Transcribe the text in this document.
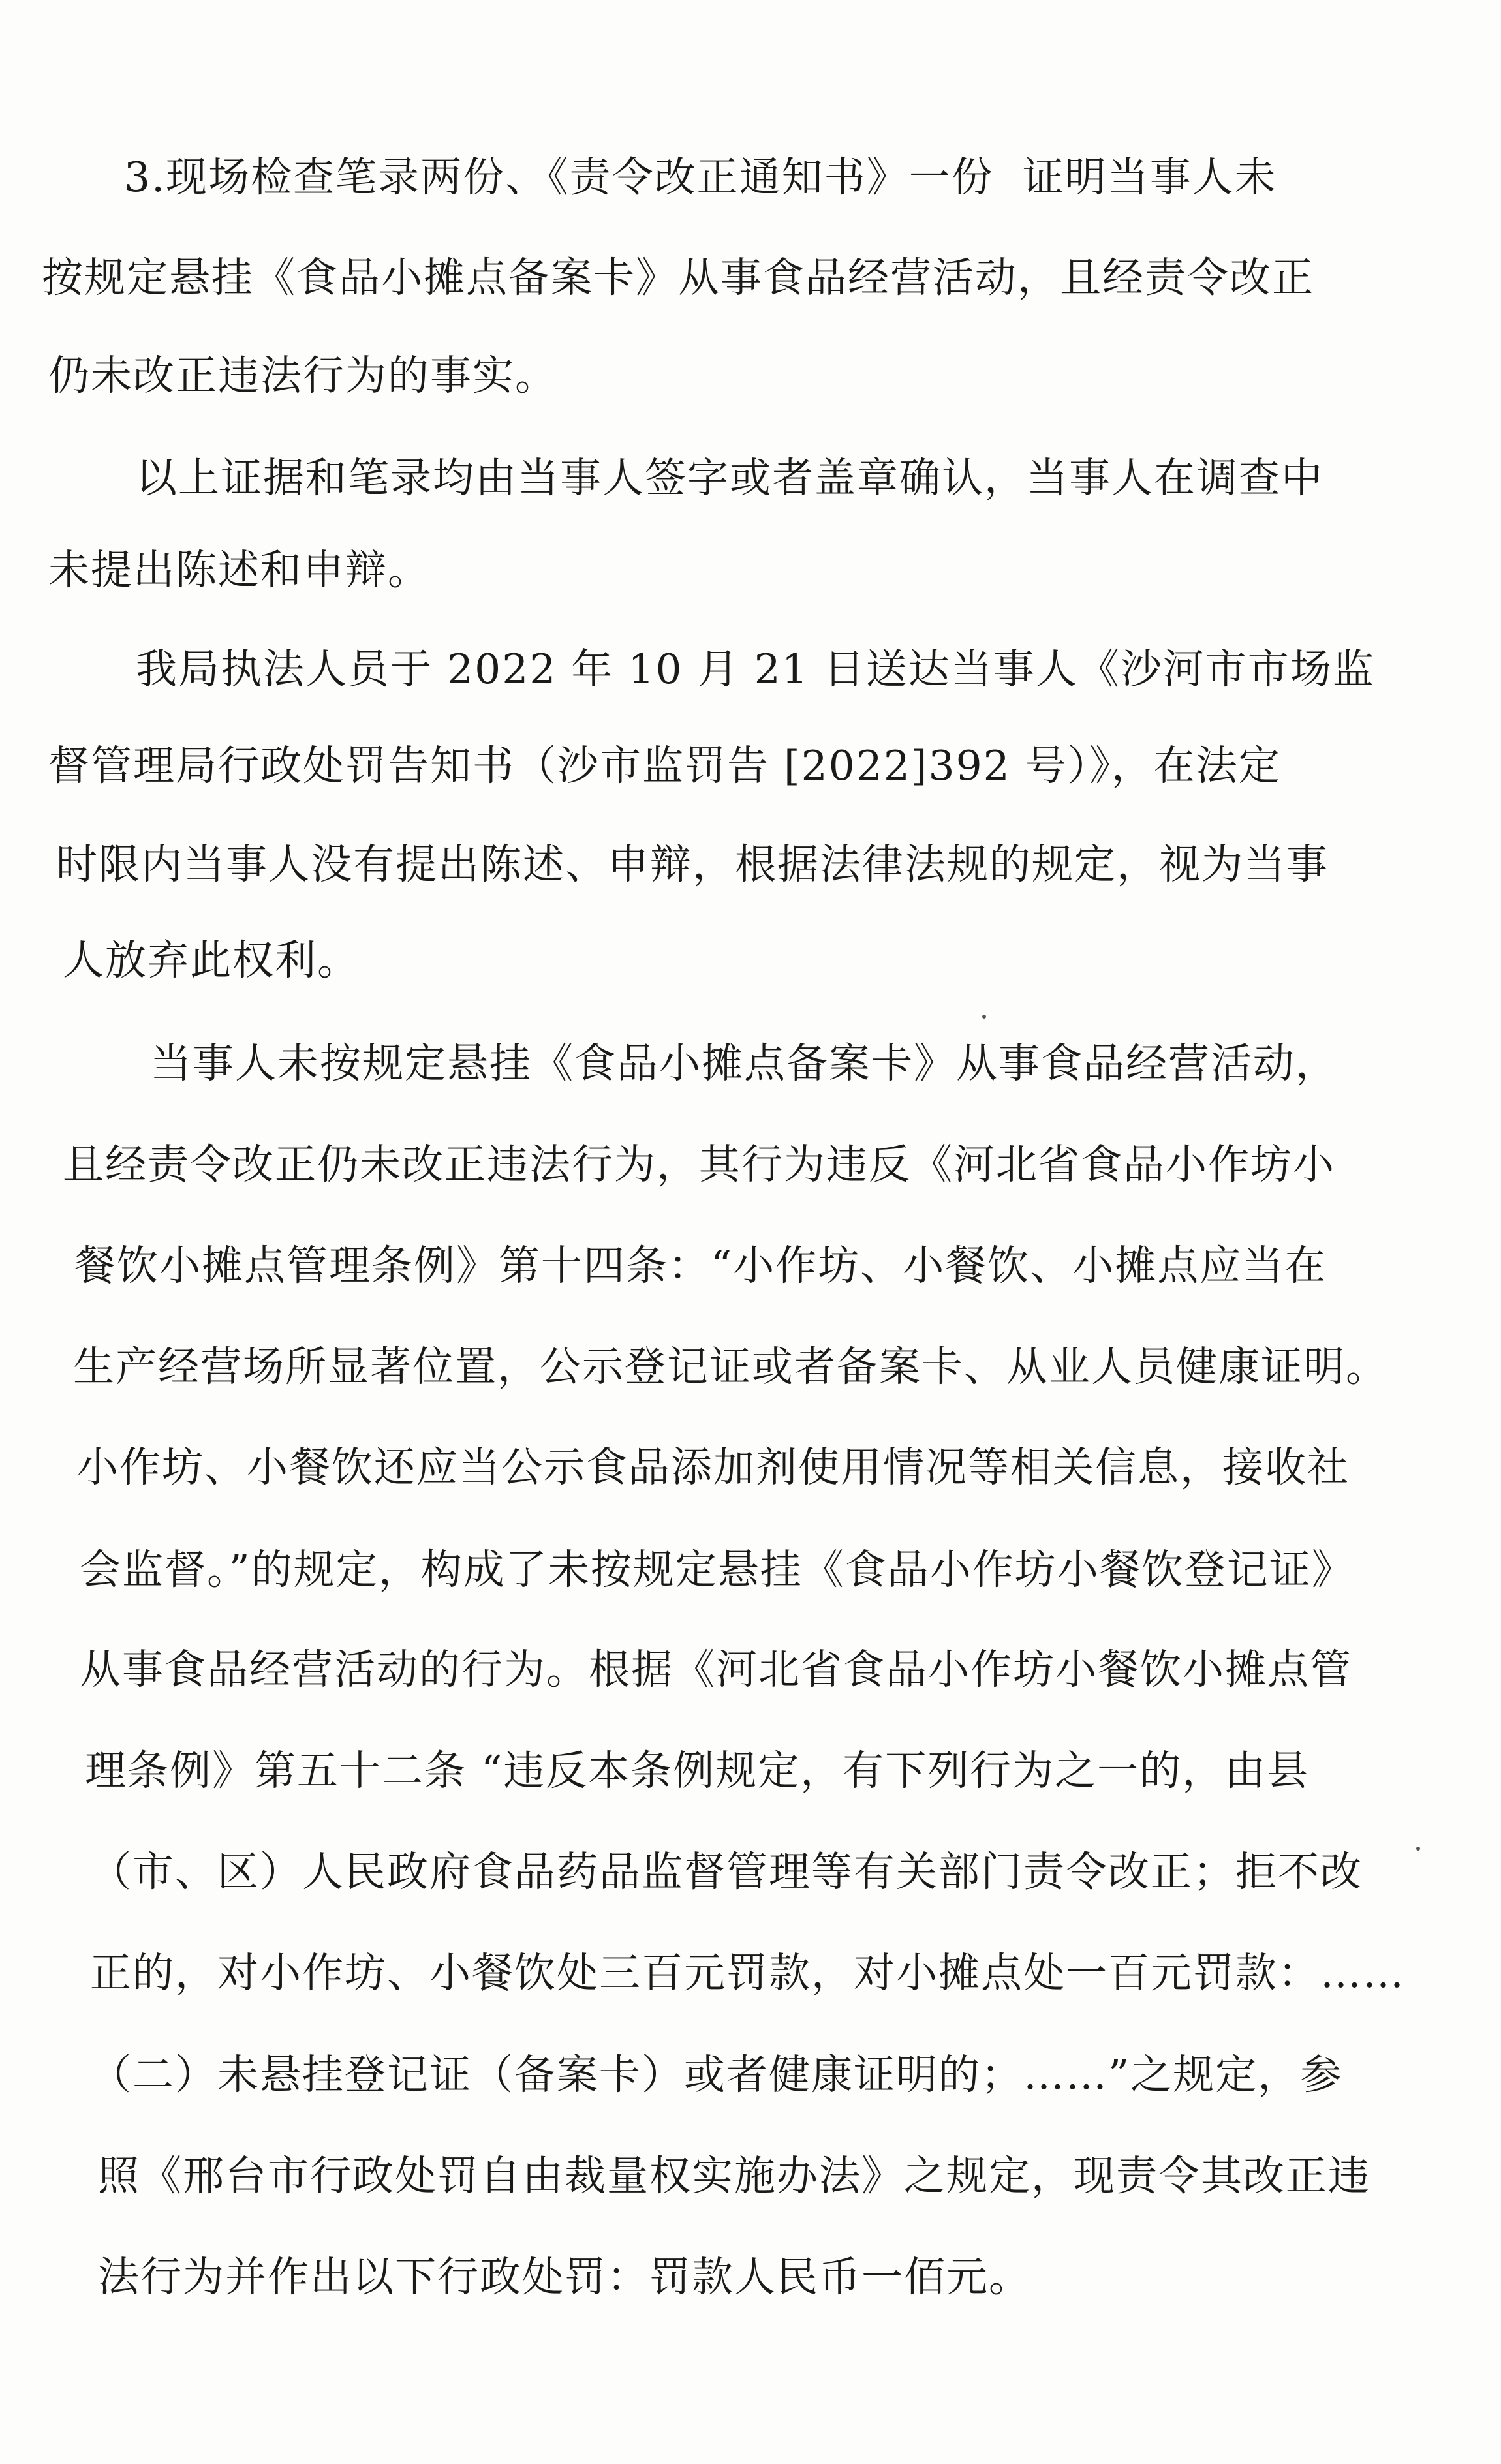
3.现场检查笔录两份、《责令改正通知书》一份  证明当事人未
按规定悬挂《食品小摊点备案卡》从事食品经营活动，且经责令改正
仍未改正违法行为的事实。
以上证据和笔录均由当事人签字或者盖章确认，当事人在调查中
未提出陈述和申辩。
我局执法人员于 2022 年 10 月 21 日送达当事人《沙河市市场监
督管理局行政处罚告知书（沙市监罚告 [2022]392 号）》，在法定
时限内当事人没有提出陈述、申辩，根据法律法规的规定，视为当事
人放弃此权利。
当事人未按规定悬挂《食品小摊点备案卡》从事食品经营活动，
且经责令改正仍未改正违法行为，其行为违反《河北省食品小作坊小
餐饮小摊点管理条例》第十四条：“小作坊、小餐饮、小摊点应当在
生产经营场所显著位置，公示登记证或者备案卡、从业人员健康证明。
小作坊、小餐饮还应当公示食品添加剂使用情况等相关信息，接收社
会监督。”的规定，构成了未按规定悬挂《食品小作坊小餐饮登记证》
从事食品经营活动的行为。根据《河北省食品小作坊小餐饮小摊点管
理条例》第五十二条 “违反本条例规定，有下列行为之一的，由县
（市、区）人民政府食品药品监督管理等有关部门责令改正；拒不改
正的，对小作坊、小餐饮处三百元罚款，对小摊点处一百元罚款：……
（二）未悬挂登记证（备案卡）或者健康证明的；……”之规定，参
照《邢台市行政处罚自由裁量权实施办法》之规定，现责令其改正违
法行为并作出以下行政处罚：罚款人民币一佰元。
